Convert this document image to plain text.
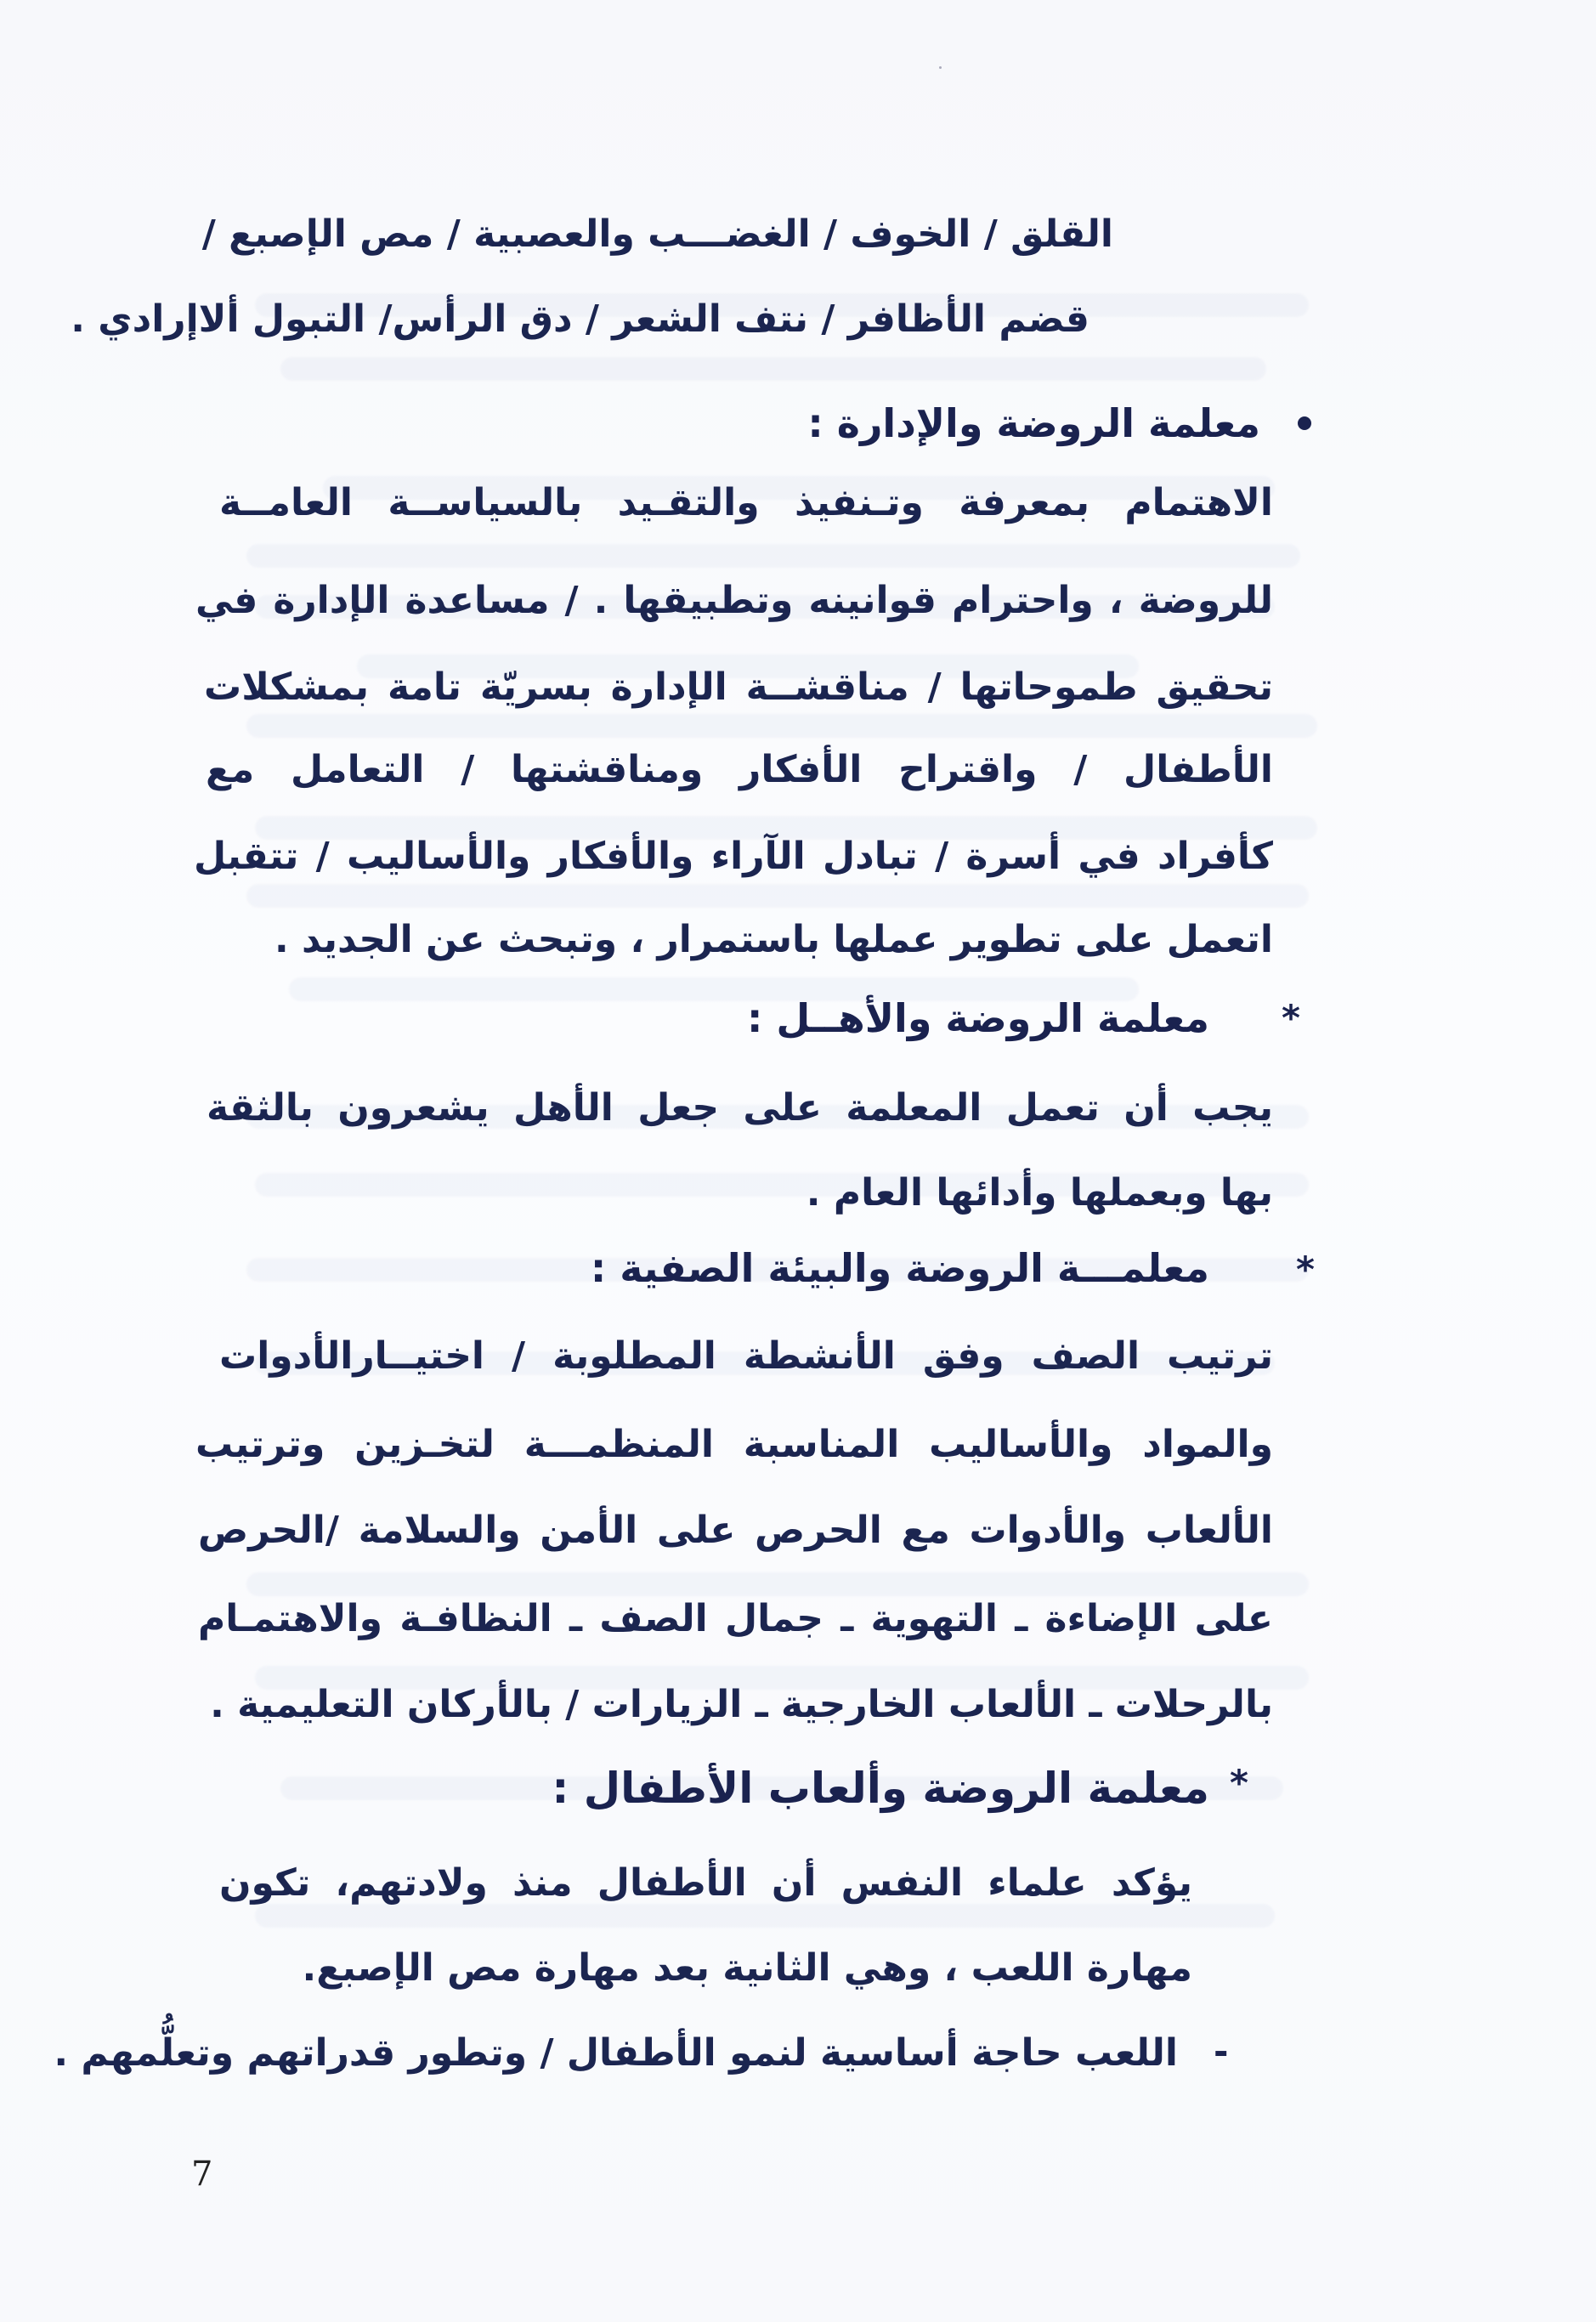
القلق / الخوف / الغضـــب والعصبية / مص الإصبع /
قضم الأظافر / نتف الشعر / دق الرأس/ التبول ألاإرادي .
معلمة الروضة والإدارة :
الاهتمام بمعرفة وتـنفيذ والتقـيد بالسياســة العامــة
للروضة ، واحترام قوانينه وتطبيقها . / مساعدة الإدارة في
تحقيق طموحاتها / مناقشــة الإدارة بسريّة تامة بمشكلات
الأطفال / واقتراح الأفكار ومناقشتها / التعامل مع
كأفراد في أسرة / تبادل الآراء والأفكار والأساليب / تتقبل
اتعمل على تطوير عملها باستمرار ، وتبحث عن الجديد .
*
معلمة الروضة والأهــل :
يجب أن تعمل المعلمة على جعل الأهل يشعرون بالثقة
بها وبعملها وأدائها العام .
*
معلمـــة الروضة والبيئة الصفية :
ترتيب الصف وفق الأنشطة المطلوبة / اختيــارالأدوات
والمواد والأساليب المناسبة المنظمـــة لتخـزين وترتيب
الألعاب والأدوات مع الحرص على الأمن والسلامة /الحرص
على الإضاءة ـ التهوية ـ جمال الصف ـ النظافـة والاهتمـام
بالرحلات ـ الألعاب الخارجية ـ الزيارات / بالأركان التعليمية .
*
معلمة الروضة وألعاب الأطفال :
يؤكد علماء النفس أن الأطفال منذ ولادتهم، تكون
مهارة اللعب ، وهي الثانية بعد مهارة مص الإصبع.
-
اللعب حاجة أساسية لنمو الأطفال / وتطور قدراتهم وتعلُّمهم .
7
